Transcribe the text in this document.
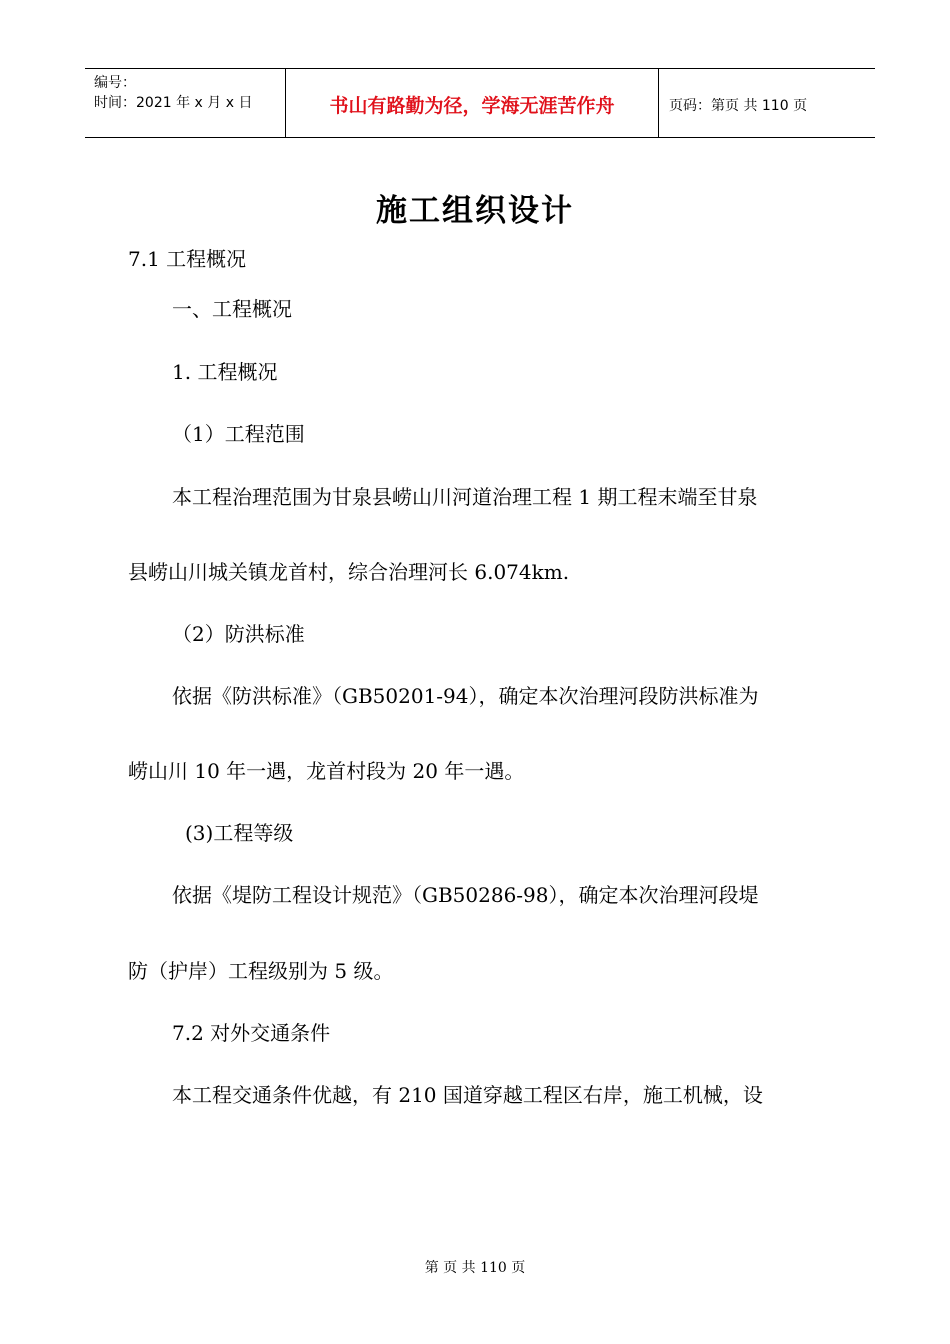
编号：
时间：2021 年 x 月 x 日	书山有路勤为径，学海无涯苦作舟	页码：第页 共 110 页
施工组织设计
7.1 工程概况
一、工程概况
1. 工程概况
（1）工程范围
本工程治理范围为甘泉县崂山川河道治理工程 1 期工程末端至甘泉
县崂山川城关镇龙首村，综合治理河长 6.074km.
（2）防洪标准
依据《防洪标准》（GB50201-94），确定本次治理河段防洪标准为
崂山川 10 年一遇，龙首村段为 20 年一遇。
(3)工程等级
依据《堤防工程设计规范》（GB50286-98），确定本次治理河段堤
防（护岸）工程级别为 5 级。
7.2 对外交通条件
本工程交通条件优越，有 210 国道穿越工程区右岸，施工机械，设
第 页 共 110 页
